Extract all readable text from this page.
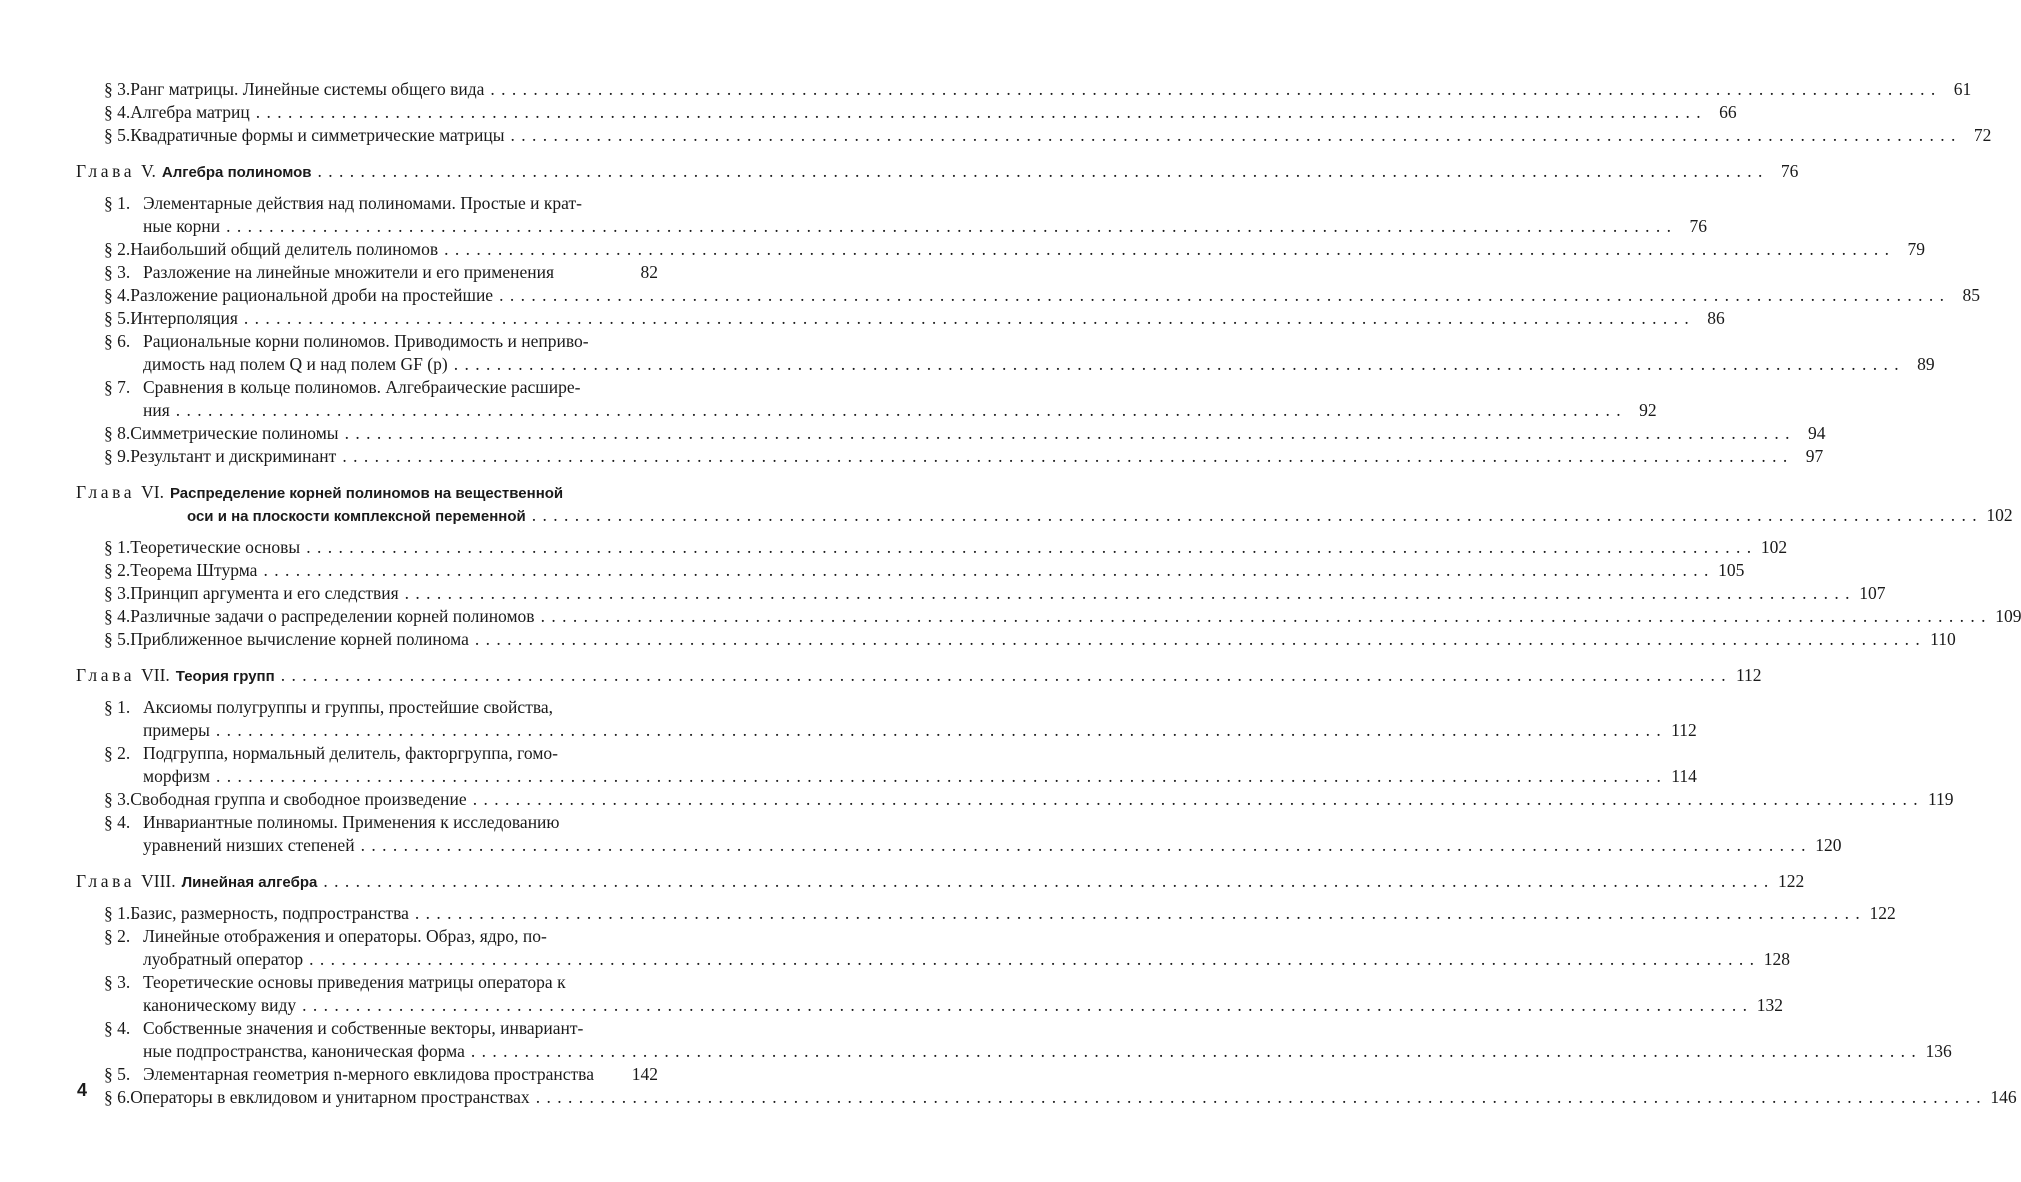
§ 3. Ранг матрицы. Линейные системы общего вида . . .	61
§ 4. Алгебра матриц . . .	66
§ 5. Квадратичные формы и симметрические матрицы . . .	72
Глава V. Алгебра полиномов . . .	76
§ 1. Элементарные действия над полиномами. Простые и крат-
ные корни . . .	76
§ 2. Наибольший общий делитель полиномов . . .	79
§ 3. Разложение на линейные множители и его применения	82
§ 4. Разложение рациональной дроби на простейшие . . .	85
§ 5. Интерполяция . . .	86
§ 6. Рациональные корни полиномов. Приводимость и неприво-
димость над полем Q и над полем GF (p) . . .	89
§ 7. Сравнения в кольце полиномов. Алгебраические расшире-
ния . . .	92
§ 8. Симметрические полиномы . . .	94
§ 9. Результант и дискриминант . . .	97
Глава VI. Распределение корней полиномов на вещественной
оси и на плоскости комплексной переменной . . .	102
§ 1. Теоретические основы . . .	102
§ 2. Теорема Штурма . . .	105
§ 3. Принцип аргумента и его следствия . . .	107
§ 4. Различные задачи о распределении корней полиномов . . .	109
§ 5. Приближенное вычисление корней полинома . . .	110
Глава VII. Теория групп . . .	112
§ 1. Аксиомы полугруппы и группы, простейшие свойства,
примеры . . .	112
§ 2. Подгруппа, нормальный делитель, факторгруппа, гомо-
морфизм . . .	114
§ 3. Свободная группа и свободное произведение . . .	119
§ 4. Инвариантные полиномы. Применения к исследованию
уравнений низших степеней . . .	120
Глава VIII. Линейная алгебра . . .	122
§ 1. Базис, размерность, подпространства . . .	122
§ 2. Линейные отображения и операторы. Образ, ядро, по-
луобратный оператор . . .	128
§ 3. Теоретические основы приведения матрицы оператора к
каноническому виду . . .	132
§ 4. Собственные значения и собственные векторы, инвариант-
ные подпространства, каноническая форма . . .	136
§ 5. Элементарная геометрия n-мерного евклидова пространства 142
§ 6. Операторы в евклидовом и унитарном пространствах . . .	146
4
